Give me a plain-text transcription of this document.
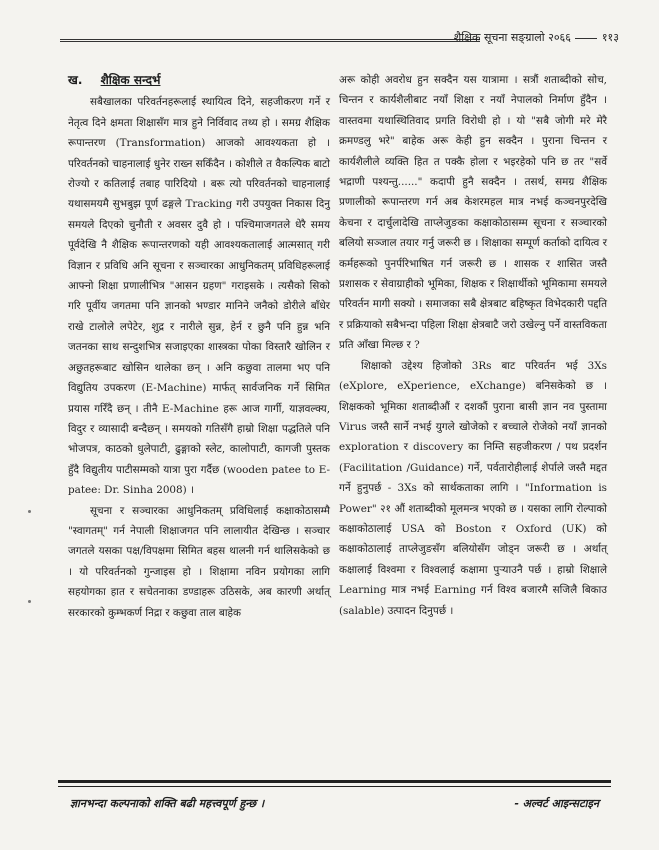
शैक्षिक सूचना सङ्ग्रालो २०६६	११३
ख. शैक्षिक सन्दर्भ

सबैखालका परिवर्तनहरूलाई स्थायित्व दिने, सहजीकरण गर्ने र नेतृत्व दिने क्षमता शिक्षासँग मात्र हुने निर्विवाद तथ्य हो । समग्र शैक्षिक रूपान्तरण (Transformation) आजको आवश्यकता हो । परिवर्तनको चाहनालाई धुनेर राख्न सकिँदैन । कोशीले त वैकल्पिक बाटो रोज्यो र कतिलाई तबाह पारिदियो । बरू त्यो परिवर्तनको चाहनालाई यथासमयमै सुभबुझ पूर्ण ढङ्गले Tracking गरी उपयुक्त निकास दिनु समयले दिएको चुनौती र अवसर दुवै हो । पश्चिमाजगतले धेरै समय पूर्वदेखि नै शैक्षिक रूपान्तरणको यही आवश्यकतालाई आत्मसात् गरी विज्ञान र प्रविधि अनि सूचना र सञ्चारका आधुनिकतम् प्रविधिहरूलाई आफ्नो शिक्षा प्रणालीभित्र "आसन ग्रहण" गराइसके । त्यसैको सिको गरि पूर्वीय जगतमा पनि ज्ञानको भण्डार मानिने जनैको डोरीले बाँधेर राखे टालोले लपेटेर, शुद्र र नारीले सुन्न, हेर्न र छुनै पनि हुन्न भनि जतनका साथ सन्दुशभित्र सजाइएका शास्त्रका पोका विस्तारै खोलिन र अछुतहरूबाट खोसिन थालेका छन् । अनि कछुवा तालमा भए पनि विद्युतिय उपकरण (E-Machine) मार्फत् सार्वजनिक गर्ने सिमित प्रयास गरिँदै छन् । तीनै E-Machine हरू आज गार्गी, याज्ञवल्क्य, विदुर र व्यासादी बन्दैछन् । समयको गतिसँगै हाम्रो शिक्षा पद्धतिले पनि भोजपत्र, काठको धुलेपाटी, ढुङ्गाको स्लेट, कालोपाटी, कागजी पुस्तक हुँदै विद्युतीय पाटीसम्मको यात्रा पुरा गर्दैछ (wooden patee to E- patee: Dr. Sinha 2008) ।

सूचना र सञ्चारका आधुनिकतम् प्रविधिलाई कक्षाकोठासम्मै "स्वागतम्" गर्न नेपाली शिक्षाजगत पनि लालायीत देखिन्छ । सञ्चार जगतले यसका पक्ष/विपक्षमा सिमित बहस थालनी गर्न थालिसकेको छ । यो परिवर्तनको गुन्जाइस हो । शिक्षामा नविन प्रयोगका लागि सहयोगका हात र सचेतनाका डण्डाहरू उठिसके, अब कारणी अर्थात् सरकारको कुम्भकर्ण निद्रा र कछुवा ताल बाहेक

अरू कोही अवरोध हुन सक्दैन यस यात्रामा । सत्रौं शताब्दीको सोच, चिन्तन र कार्यशैलीबाट नयाँ शिक्षा र नयाँ नेपालको निर्माण हुँदैन । वास्तवमा यथास्थितिवाद प्रगति विरोधी हो । यो "सबै जोगी मरे मेरै क्रमण्डलु भरे" बाहेक अरू केही हुन सक्दैन । पुराना चिन्तन र कार्यशैलीले व्यक्ति हित त पक्कै होला र भइरहेको पनि छ तर "सर्वे भद्राणी पश्यन्तु......" कदापी हुनै सक्दैन । तसर्थ, समग्र शैक्षिक प्रणालीको रूपान्तरण गर्न अब केशरमहल मात्र नभई कञ्चनपुरदेखि केचना र दार्चुलादेखि ताप्लेजुङका कक्षाकोठासम्म सूचना र सञ्चारको बलियो सञ्जाल तयार गर्नु जरूरी छ । शिक्षाका सम्पूर्ण कर्ताको दायित्व र कर्महरूको पुनर्परिभाषित गर्न जरूरी छ । शासक र शासित जस्तै प्रशासक र सेवाग्राहीको भूमिका, शिक्षक र शिक्षार्थीको भूमिकामा समयले परिवर्तन मागी सक्यो । समाजका सबै क्षेत्रबाट बहिष्कृत विभेदकारी पद्दति र प्रक्रियाको सबैभन्दा पहिला शिक्षा क्षेत्रबाटै जरो उखेल्नु पर्ने वास्तविकता प्रति आँखा मिल्छ र ?

शिक्षाको उद्देश्य हिजोको 3Rs बाट परिवर्तन भई 3Xs (eXplore, eXperience, eXchange) बनिसकेको छ । शिक्षकको भूमिका शताब्दीऔं र दशकौं पुराना बासी ज्ञान नव पुस्तामा Virus जस्तै सार्ने नभई युगले खोजेको र बच्चाले रोजेको नयाँ ज्ञानको exploration र discovery का निम्ति सहजीकरण / पथ प्रदर्शन (Facilitation /Guidance) गर्ने, पर्वतारोहीलाई शेर्पाले जस्तै मद्दत गर्ने हुनुपर्छ - 3Xs को सार्थकताका लागि । "Information is Power" २१ औं शताब्दीको मूलमन्त्र भएको छ । यसका लागि रोल्पाको कक्षाकोठालाई USA को Boston र Oxford (UK) को कक्षाकोठालाई ताप्लेजुङसँग बलियोसँग जोड्न जरूरी छ । अर्थात् कक्षालाई विश्वमा र विश्वलाई कक्षामा पुऱ्याउनै पर्छ । हाम्रो शिक्षाले Learning मात्र नभई Earning गर्न विश्व बजारमै सजिलै बिकाउ (salable) उत्पादन दिनुपर्छ ।

ज्ञानभन्दा कल्पनाको शक्ति बढी महत्त्वपूर्ण हुन्छ ।	- अल्वर्ट आइन्सटाइन
